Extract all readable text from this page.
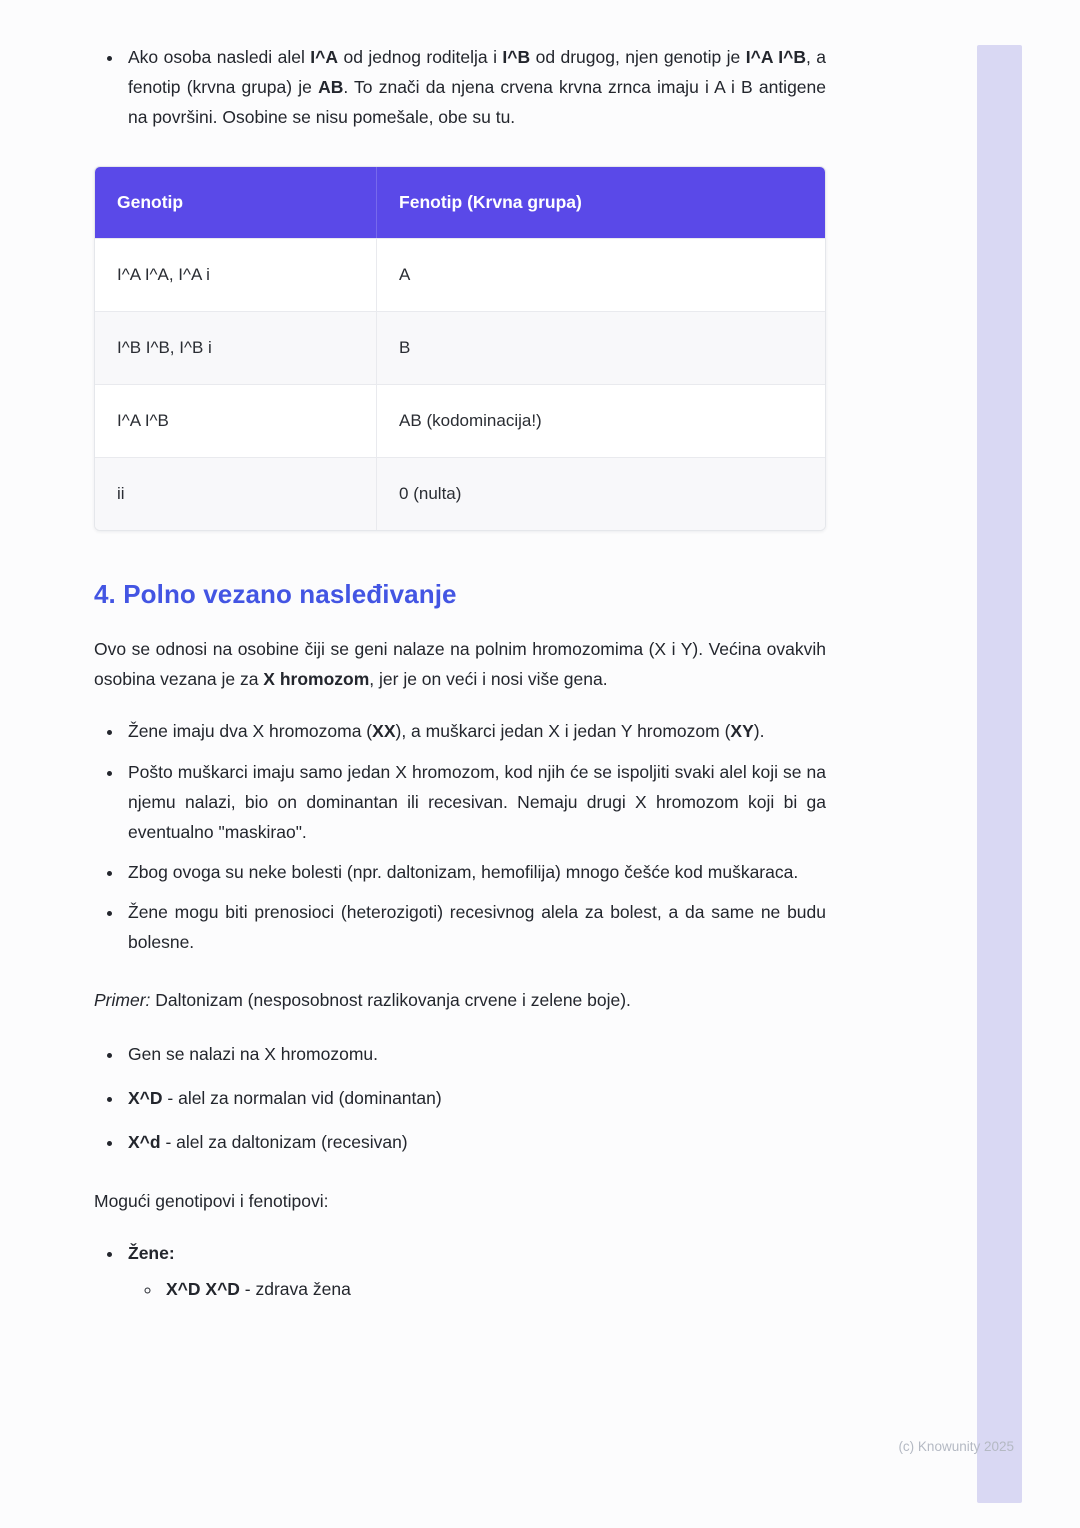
• Ako osoba nasledi alel I^A od jednog roditelja i I^B od drugog, njen genotip je I^A I^B, a fenotip (krvna grupa) je AB. To znači da njena crvena krvna zrnca imaju i A i B antigene na površini. Osobine se nisu pomešale, obe su tu.
Genotip	Fenotip (Krvna grupa)
I^A I^A, I^A i	A
I^B I^B, I^B i	B
I^A I^B	AB (kodominacija!)
ii	0 (nulta)
4. Polno vezano nasleđivanje

Ovo se odnosi na osobine čiji se geni nalaze na polnim hromozomima (X i Y). Većina ovakvih osobina vezana je za X hromozom, jer je on veći i nosi više gena.

• Žene imaju dva X hromozoma (XX), a muškarci jedan X i jedan Y hromozom (XY).
• Pošto muškarci imaju samo jedan X hromozom, kod njih će se ispoljiti svaki alel koji se na njemu nalazi, bio on dominantan ili recesivan. Nemaju drugi X hromozom koji bi ga eventualno "maskirao".
• Zbog ovoga su neke bolesti (npr. daltonizam, hemofilija) mnogo češće kod muškaraca.
• Žene mogu biti prenosioci (heterozigoti) recesivnog alela za bolest, a da same ne budu bolesne.

Primer: Daltonizam (nesposobnost razlikovanja crvene i zelene boje).

• Gen se nalazi na X hromozomu.
• X^D - alel za normalan vid (dominantan)
• X^d - alel za daltonizam (recesivan)

Mogući genotipovi i fenotipovi:

• Žene:
◦ X^D X^D - zdrava žena
(c) Knowunity 2025
